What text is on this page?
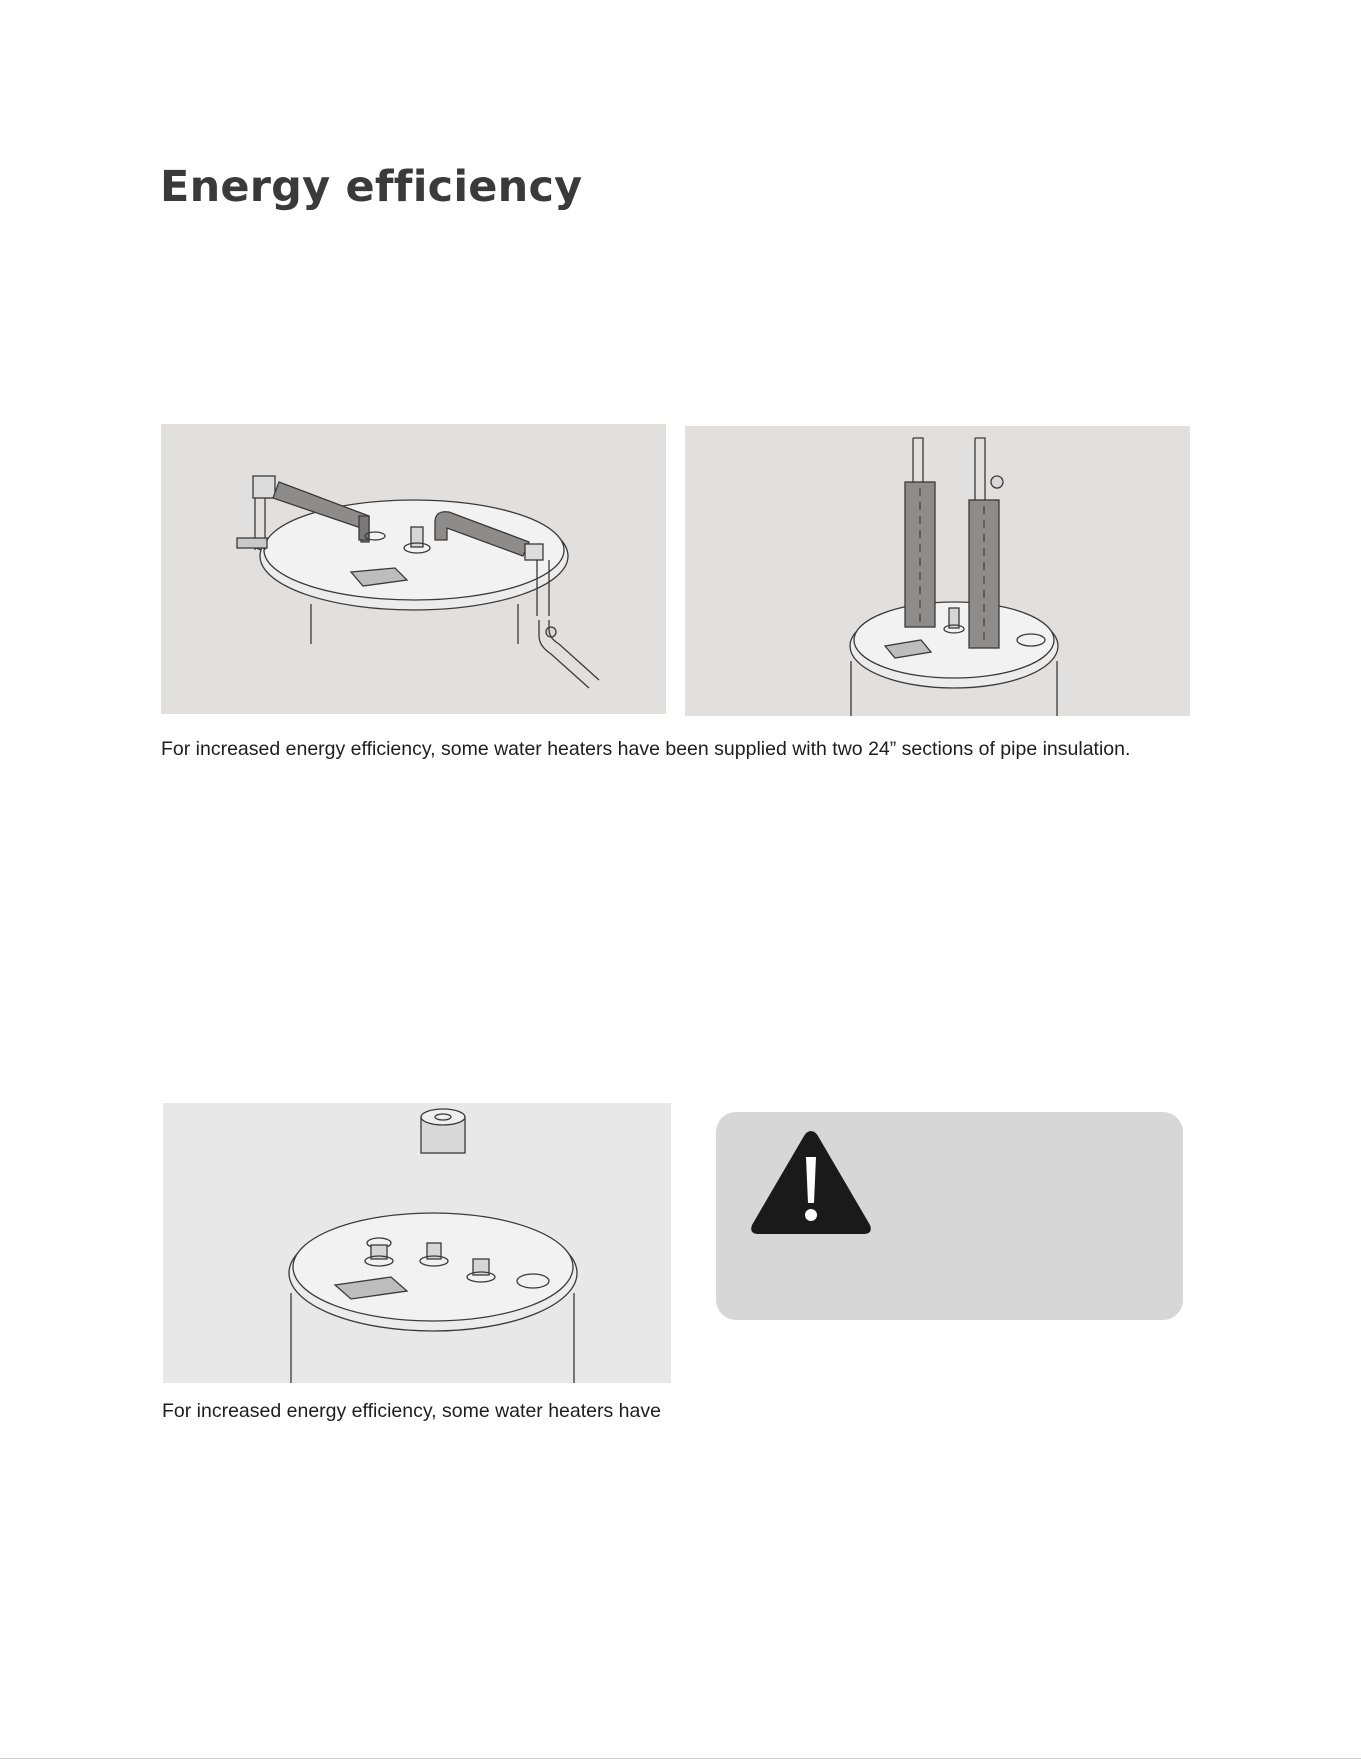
Energy efficiency

For increased energy efficiency, some water heaters have been supplied with two 24” sections of pipe insulation.

For increased energy efficiency, some water heaters have
